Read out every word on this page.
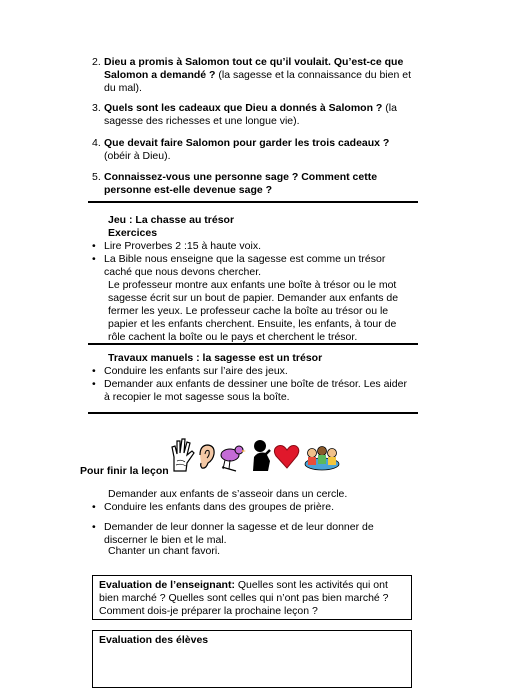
2. Dieu a promis à Salomon tout ce qu’il voulait. Qu’est-ce que Salomon a demandé ? (la sagesse et la connaissance du bien et du mal).
3. Quels sont les cadeaux que Dieu a donnés à Salomon ? (la sagesse des richesses et une longue vie).
4. Que devait faire Salomon pour garder les trois cadeaux ? (obéir à Dieu).
5. Connaissez-vous une personne sage ? Comment cette personne est-elle devenue sage ?
Jeu : La chasse au trésor
Exercices
• Lire Proverbes 2 :15 à haute voix.
• La Bible nous enseigne que la sagesse est comme un trésor caché que nous devons chercher.
Le professeur montre aux enfants une boîte à trésor ou le mot sagesse écrit sur un bout de papier. Demander aux enfants de fermer les yeux. Le professeur cache la boîte au trésor ou le papier et les enfants cherchent. Ensuite, les enfants, à tour de rôle cachent la boîte ou le pays et cherchent le trésor.
Travaux manuels : la sagesse est un trésor
• Conduire les enfants sur l’aire des jeux.
• Demander aux enfants de dessiner une boîte de trésor. Les aider à recopier le mot sagesse sous la boîte.
Pour finir la leçon
Demander aux enfants de s’asseoir dans un cercle.
• Conduire les enfants dans des groupes de prière.
• Demander de leur donner la sagesse et de leur donner de discerner le bien et le mal.
Chanter un chant favori.
Evaluation de l’enseignant: Quelles sont les activités qui ont bien marché ? Quelles sont celles qui n’ont pas bien marché ? Comment dois-je préparer la prochaine leçon ?
Evaluation des élèves
